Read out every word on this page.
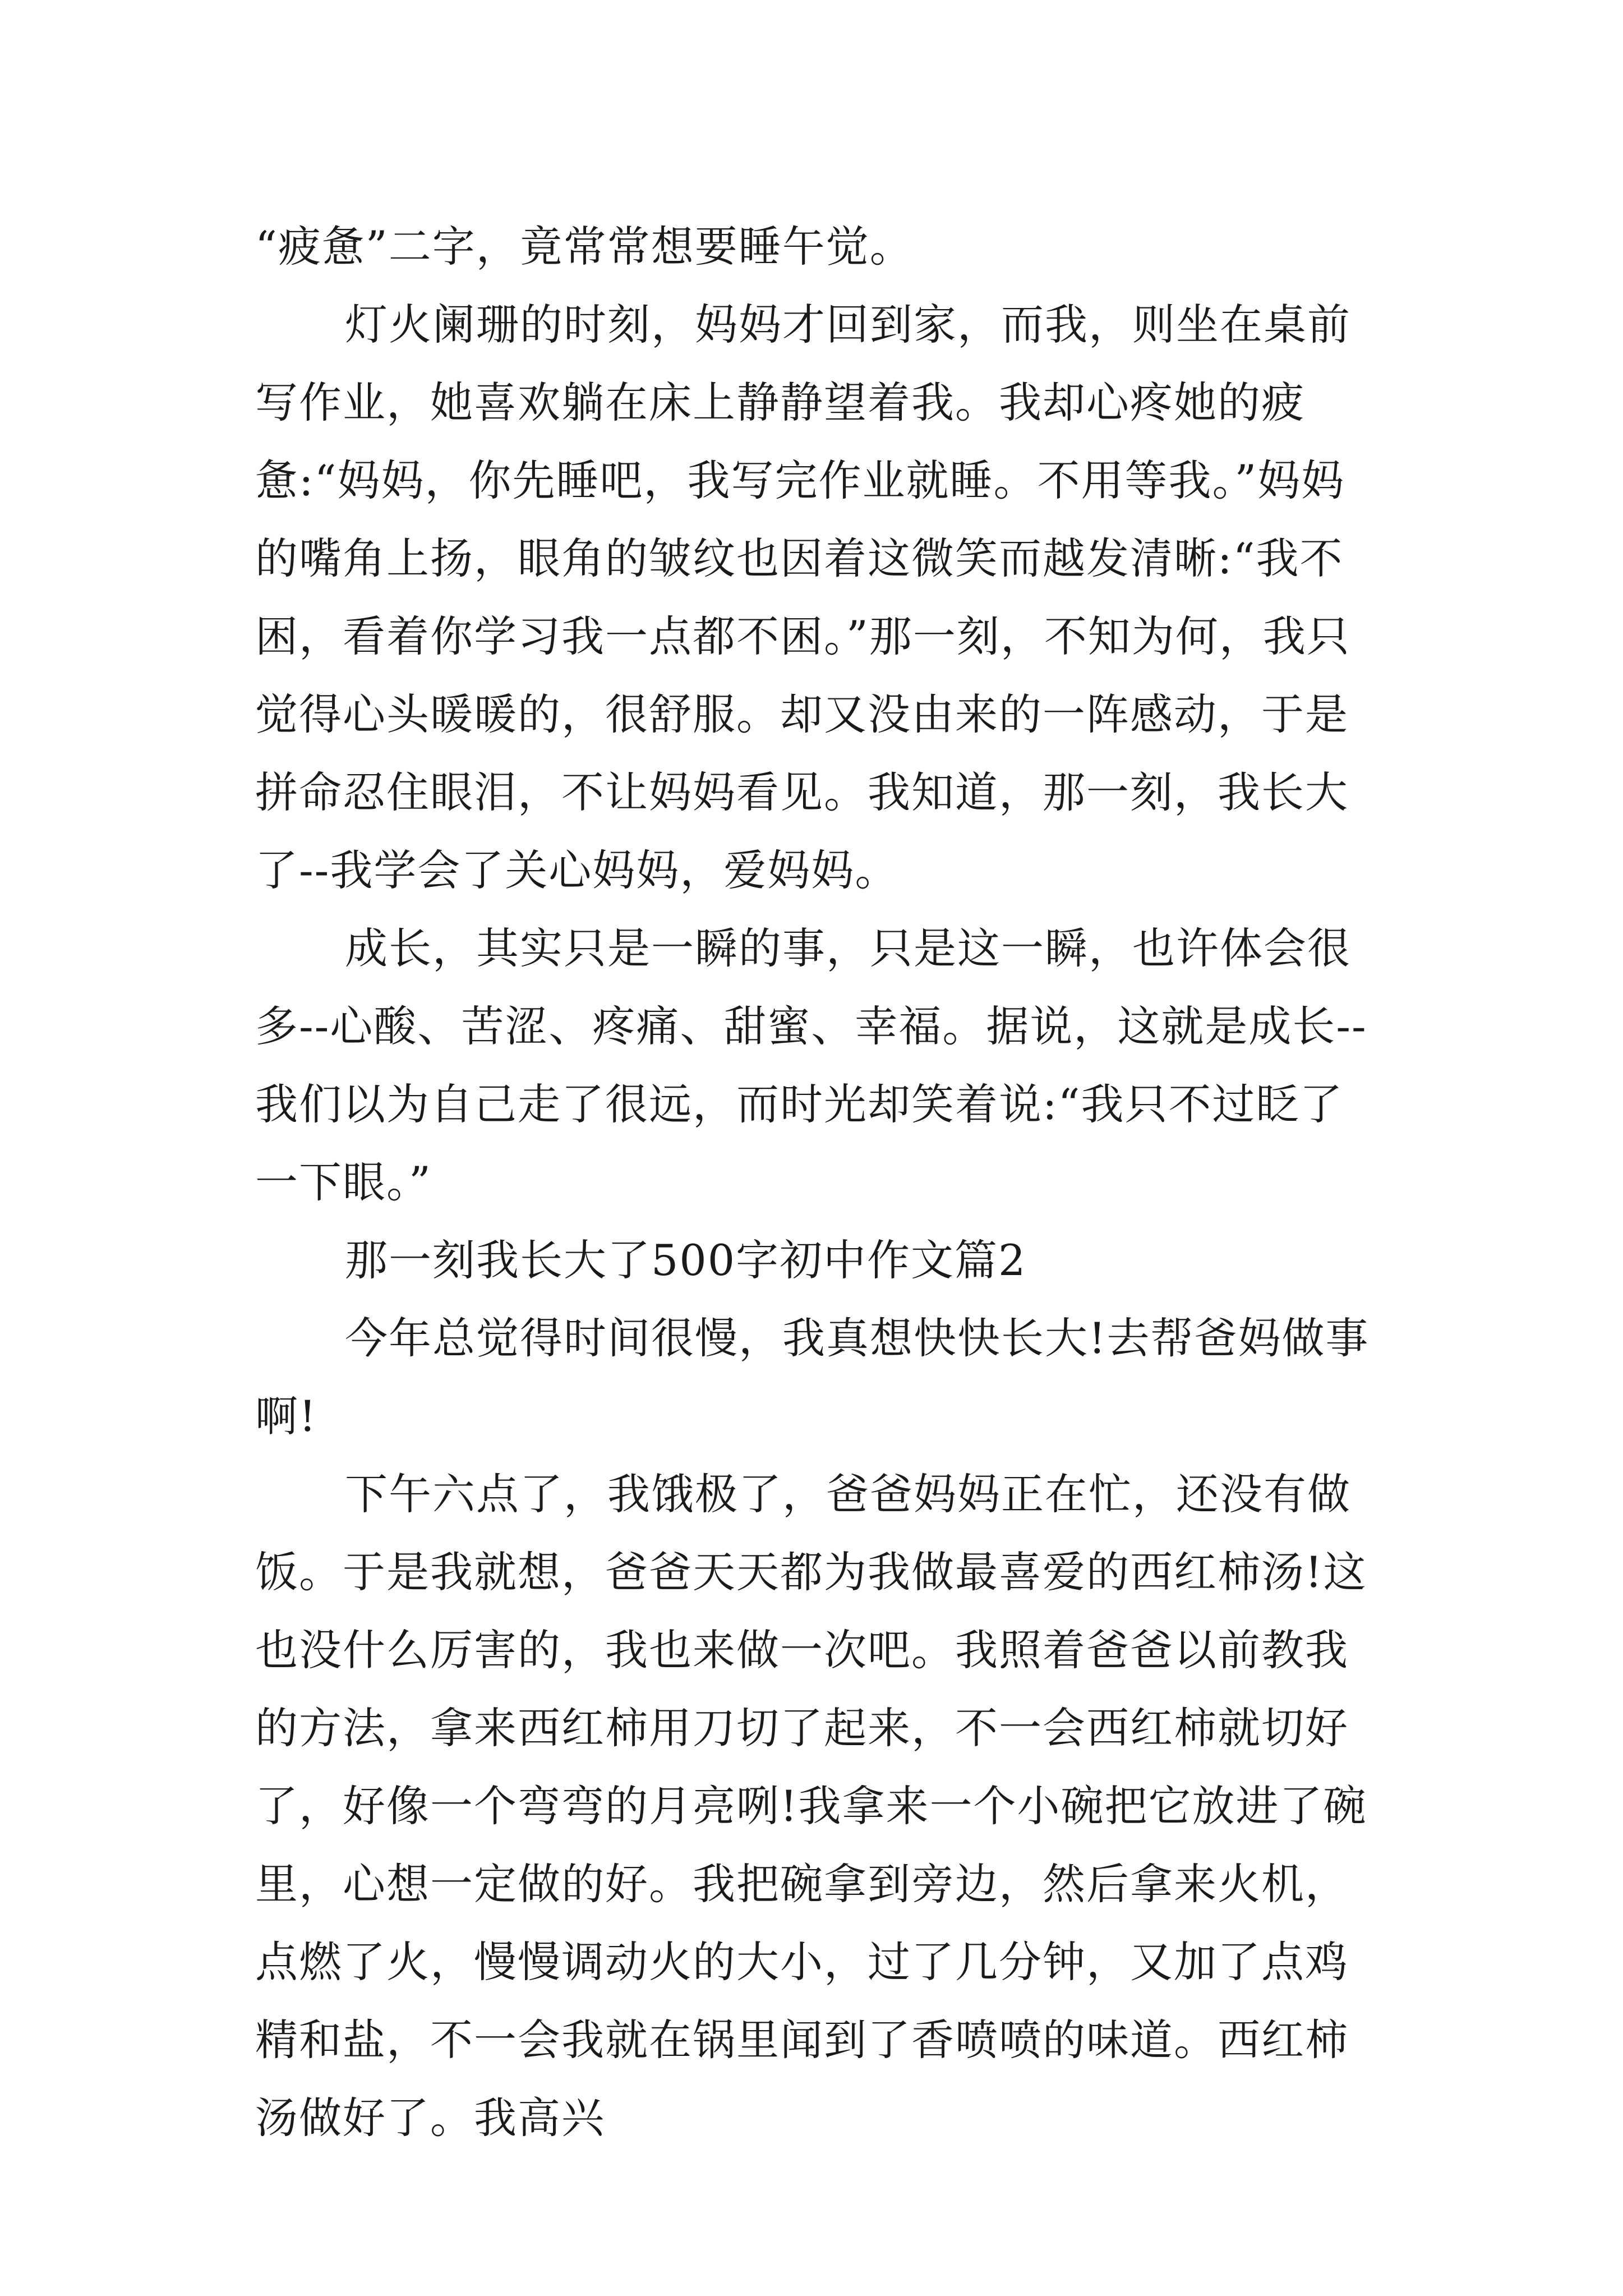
“疲惫”二字，竟常常想要睡午觉。

灯火阑珊的时刻，妈妈才回到家，而我，则坐在桌前写作业，她喜欢躺在床上静静望着我。我却心疼她的疲惫:“妈妈，你先睡吧，我写完作业就睡。不用等我。”妈妈的嘴角上扬，眼角的皱纹也因着这微笑而越发清晰:“我不困，看着你学习我一点都不困。”那一刻，不知为何，我只觉得心头暖暖的，很舒服。却又没由来的一阵感动，于是拼命忍住眼泪，不让妈妈看见。我知道，那一刻，我长大了--我学会了关心妈妈，爱妈妈。

成长，其实只是一瞬的事，只是这一瞬，也许体会很多--心酸、苦涩、疼痛、甜蜜、幸福。据说，这就是成长--我们以为自己走了很远，而时光却笑着说:“我只不过眨了一下眼。”

那一刻我长大了500字初中作文篇2

今年总觉得时间很慢，我真想快快长大!去帮爸妈做事啊!

下午六点了，我饿极了，爸爸妈妈正在忙，还没有做饭。于是我就想，爸爸天天都为我做最喜爱的西红柿汤!这也没什么厉害的，我也来做一次吧。我照着爸爸以前教我的方法，拿来西红柿用刀切了起来，不一会西红柿就切好了，好像一个弯弯的月亮咧!我拿来一个小碗把它放进了碗里，心想一定做的好。我把碗拿到旁边，然后拿来火机，点燃了火，慢慢调动火的大小，过了几分钟，又加了点鸡精和盐，不一会我就在锅里闻到了香喷喷的味道。西红柿汤做好了。我高兴
